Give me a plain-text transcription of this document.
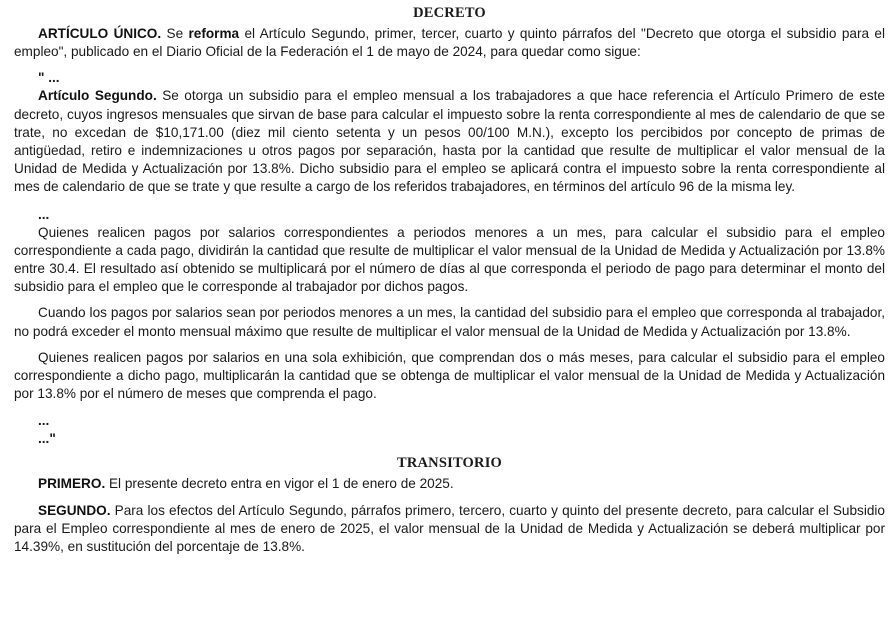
DECRETO

ARTÍCULO ÚNICO. Se reforma el Artículo Segundo, primer, tercer, cuarto y quinto párrafos del "Decreto que otorga el subsidio para el empleo", publicado en el Diario Oficial de la Federación el 1 de mayo de 2024, para quedar como sigue:

" ...

Artículo Segundo. Se otorga un subsidio para el empleo mensual a los trabajadores a que hace referencia el Artículo Primero de este decreto, cuyos ingresos mensuales que sirvan de base para calcular el impuesto sobre la renta correspondiente al mes de calendario de que se trate, no excedan de $10,171.00 (diez mil ciento setenta y un pesos 00/100 M.N.), excepto los percibidos por concepto de primas de antigüedad, retiro e indemnizaciones u otros pagos por separación, hasta por la cantidad que resulte de multiplicar el valor mensual de la Unidad de Medida y Actualización por 13.8%. Dicho subsidio para el empleo se aplicará contra el impuesto sobre la renta correspondiente al mes de calendario de que se trate y que resulte a cargo de los referidos trabajadores, en términos del artículo 96 de la misma ley.

...

Quienes realicen pagos por salarios correspondientes a periodos menores a un mes, para calcular el subsidio para el empleo correspondiente a cada pago, dividirán la cantidad que resulte de multiplicar el valor mensual de la Unidad de Medida y Actualización por 13.8% entre 30.4. El resultado así obtenido se multiplicará por el número de días al que corresponda el periodo de pago para determinar el monto del subsidio para el empleo que le corresponde al trabajador por dichos pagos.

Cuando los pagos por salarios sean por periodos menores a un mes, la cantidad del subsidio para el empleo que corresponda al trabajador, no podrá exceder el monto mensual máximo que resulte de multiplicar el valor mensual de la Unidad de Medida y Actualización por 13.8%.

Quienes realicen pagos por salarios en una sola exhibición, que comprendan dos o más meses, para calcular el subsidio para el empleo correspondiente a dicho pago, multiplicarán la cantidad que se obtenga de multiplicar el valor mensual de la Unidad de Medida y Actualización por 13.8% por el número de meses que comprenda el pago.

...
..."
TRANSITORIO

PRIMERO. El presente decreto entra en vigor el 1 de enero de 2025.

SEGUNDO. Para los efectos del Artículo Segundo, párrafos primero, tercero, cuarto y quinto del presente decreto, para calcular el Subsidio para el Empleo correspondiente al mes de enero de 2025, el valor mensual de la Unidad de Medida y Actualización se deberá multiplicar por 14.39%, en sustitución del porcentaje de 13.8%.
